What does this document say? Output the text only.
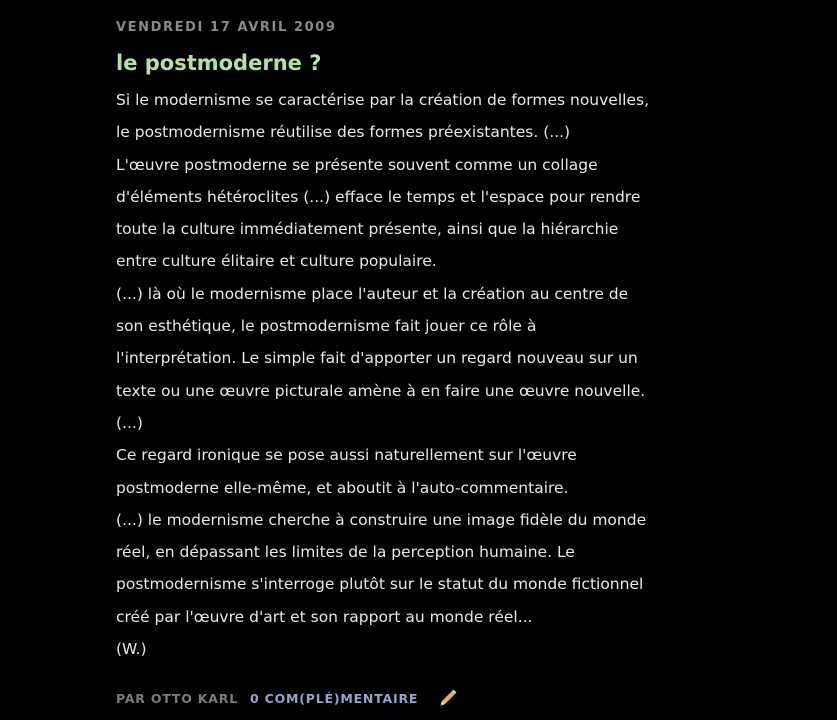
VENDREDI 17 AVRIL 2009
le postmoderne ?
Si le modernisme se caractérise par la création de formes nouvelles,
le postmodernisme réutilise des formes préexistantes. (...)
L'œuvre postmoderne se présente souvent comme un collage
d'éléments hétéroclites (...) efface le temps et l'espace pour rendre
toute la culture immédiatement présente, ainsi que la hiérarchie
entre culture élitaire et culture populaire.
(...) là où le modernisme place l'auteur et la création au centre de
son esthétique, le postmodernisme fait jouer ce rôle à
l'interprétation. Le simple fait d'apporter un regard nouveau sur un
texte ou une œuvre picturale amène à en faire une œuvre nouvelle.
(...)
Ce regard ironique se pose aussi naturellement sur l'œuvre
postmoderne elle-même, et aboutit à l'auto-commentaire.
(...) le modernisme cherche à construire une image fidèle du monde
réel, en dépassant les limites de la perception humaine. Le
postmodernisme s'interroge plutôt sur le statut du monde fictionnel
créé par l'œuvre d'art et son rapport au monde réel...
(W.)
PAR OTTO KARL 0 COM(PLÉ)MENTAIRE
